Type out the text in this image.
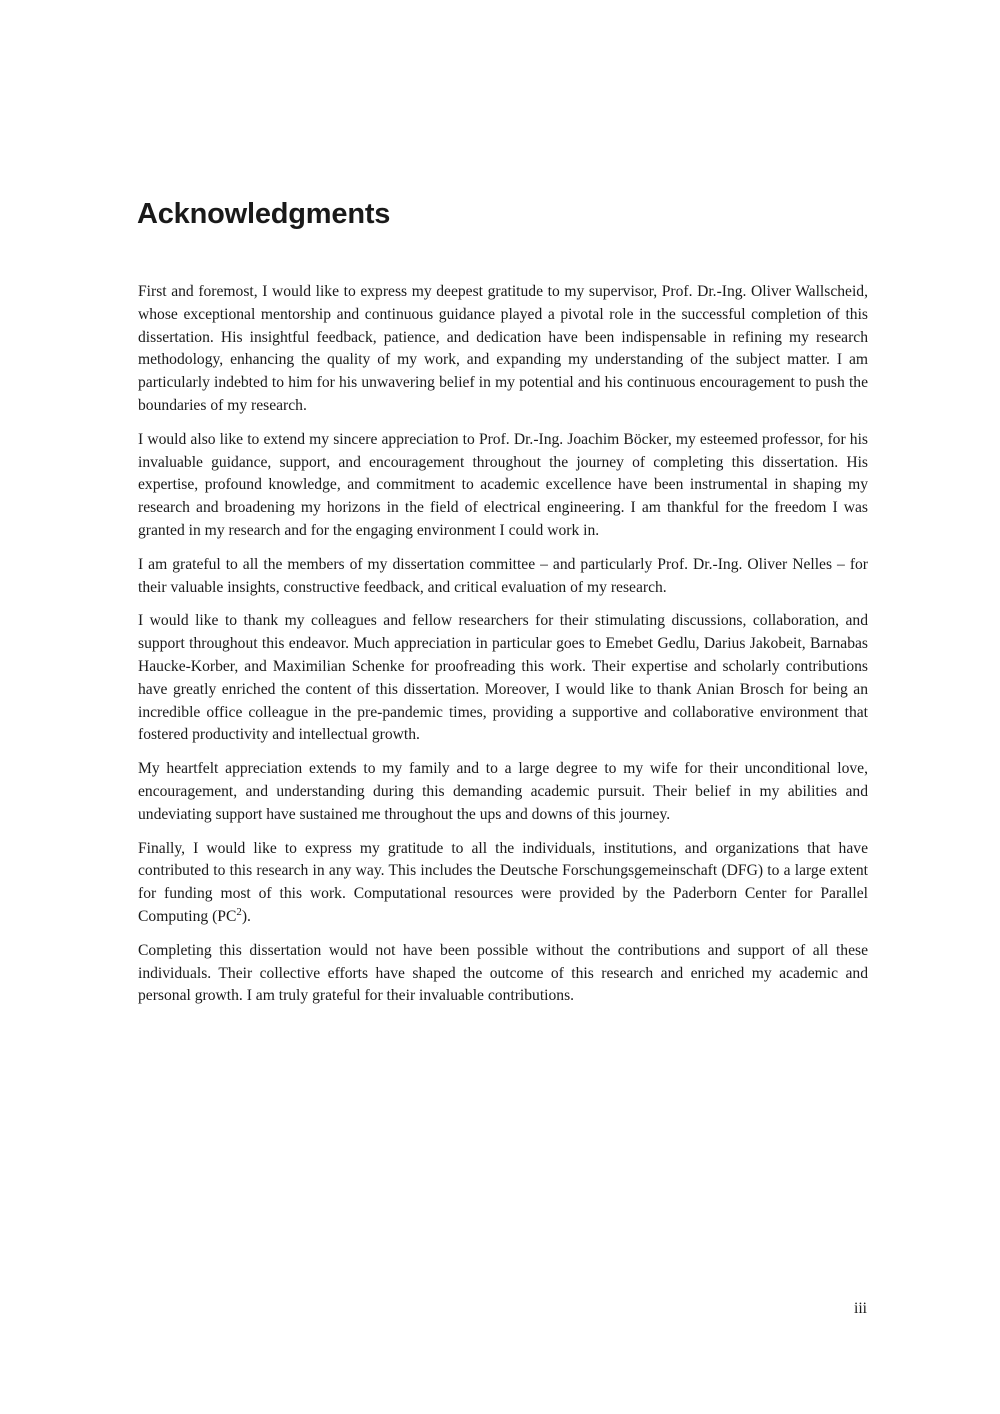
Acknowledgments

First and foremost, I would like to express my deepest gratitude to my supervisor, Prof. Dr.-Ing. Oliver Wallscheid, whose exceptional mentorship and continuous guidance played a pivotal role in the successful completion of this dissertation. His insightful feedback, patience, and dedication have been indispensable in refining my research methodology, enhancing the quality of my work, and expanding my understanding of the subject matter. I am particularly indebted to him for his unwavering belief in my potential and his continuous encouragement to push the boundaries of my research.

I would also like to extend my sincere appreciation to Prof. Dr.-Ing. Joachim Böcker, my esteemed professor, for his invaluable guidance, support, and encouragement throughout the journey of completing this dissertation. His expertise, profound knowledge, and commitment to academic excellence have been instrumental in shaping my research and broadening my horizons in the field of electrical engineering. I am thankful for the freedom I was granted in my research and for the engaging environment I could work in.

I am grateful to all the members of my dissertation committee – and particularly Prof. Dr.-Ing. Oliver Nelles – for their valuable insights, constructive feedback, and critical evaluation of my research.

I would like to thank my colleagues and fellow researchers for their stimulating discussions, collaboration, and support throughout this endeavor. Much appreciation in particular goes to Emebet Gedlu, Darius Jakobeit, Barnabas Haucke-Korber, and Maximilian Schenke for proofreading this work. Their expertise and scholarly contributions have greatly enriched the content of this dissertation. Moreover, I would like to thank Anian Brosch for being an incredible office colleague in the pre-pandemic times, providing a supportive and collaborative environment that fostered productivity and intellectual growth.

My heartfelt appreciation extends to my family and to a large degree to my wife for their unconditional love, encouragement, and understanding during this demanding academic pursuit. Their belief in my abilities and undeviating support have sustained me throughout the ups and downs of this journey.

Finally, I would like to express my gratitude to all the individuals, institutions, and organizations that have contributed to this research in any way. This includes the Deutsche Forschungsgemeinschaft (DFG) to a large extent for funding most of this work. Computational resources were provided by the Paderborn Center for Parallel Computing $(PC^2)$.

Completing this dissertation would not have been possible without the contributions and support of all these individuals. Their collective efforts have shaped the outcome of this research and enriched my academic and personal growth. I am truly grateful for their invaluable contributions.

iii
